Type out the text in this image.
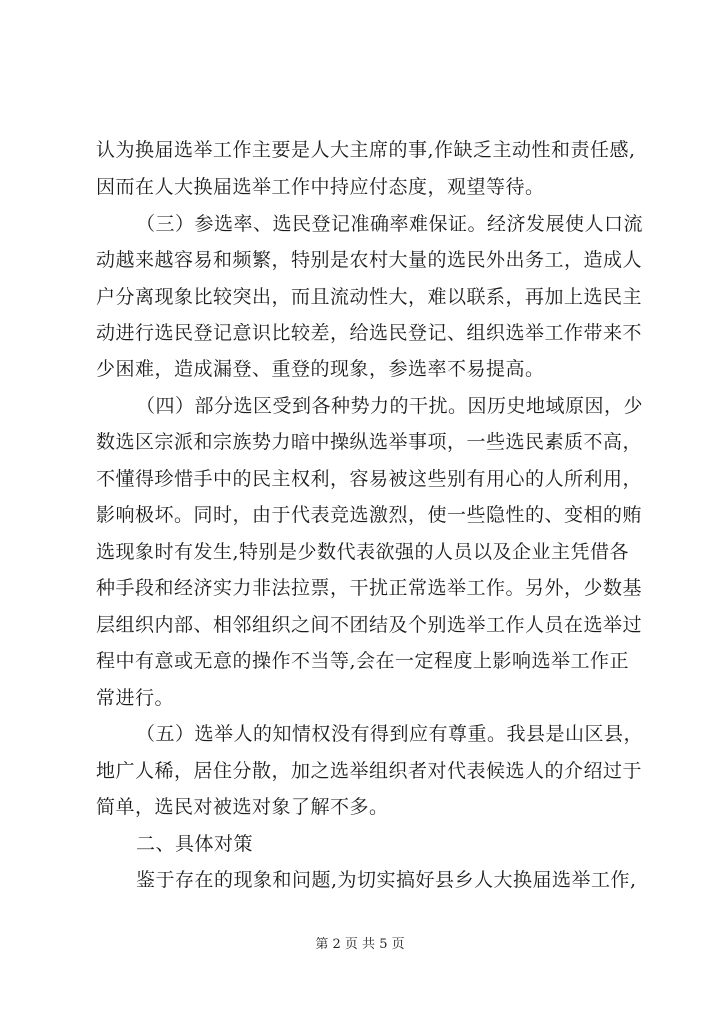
认为换届选举工作主要是人大主席的事,作缺乏主动性和责任感,
因而在人大换届选举工作中持应付态度，观望等待。
（三）参选率、选民登记准确率难保证。经济发展使人口流
动越来越容易和频繁，特别是农村大量的选民外出务工，造成人
户分离现象比较突出，而且流动性大，难以联系，再加上选民主
动进行选民登记意识比较差，给选民登记、组织选举工作带来不
少困难，造成漏登、重登的现象，参选率不易提高。
（四）部分选区受到各种势力的干扰。因历史地域原因，少
数选区宗派和宗族势力暗中操纵选举事项，一些选民素质不高，
不懂得珍惜手中的民主权利，容易被这些别有用心的人所利用，
影响极坏。同时，由于代表竞选激烈，使一些隐性的、变相的贿
选现象时有发生,特别是少数代表欲强的人员以及企业主凭借各
种手段和经济实力非法拉票，干扰正常选举工作。另外，少数基
层组织内部、相邻组织之间不团结及个别选举工作人员在选举过
程中有意或无意的操作不当等,会在一定程度上影响选举工作正
常进行。
（五）选举人的知情权没有得到应有尊重。我县是山区县，
地广人稀，居住分散，加之选举组织者对代表候选人的介绍过于
简单，选民对被选对象了解不多。
二、具体对策
鉴于存在的现象和问题,为切实搞好县乡人大换届选举工作,
第 2 页 共 5 页
